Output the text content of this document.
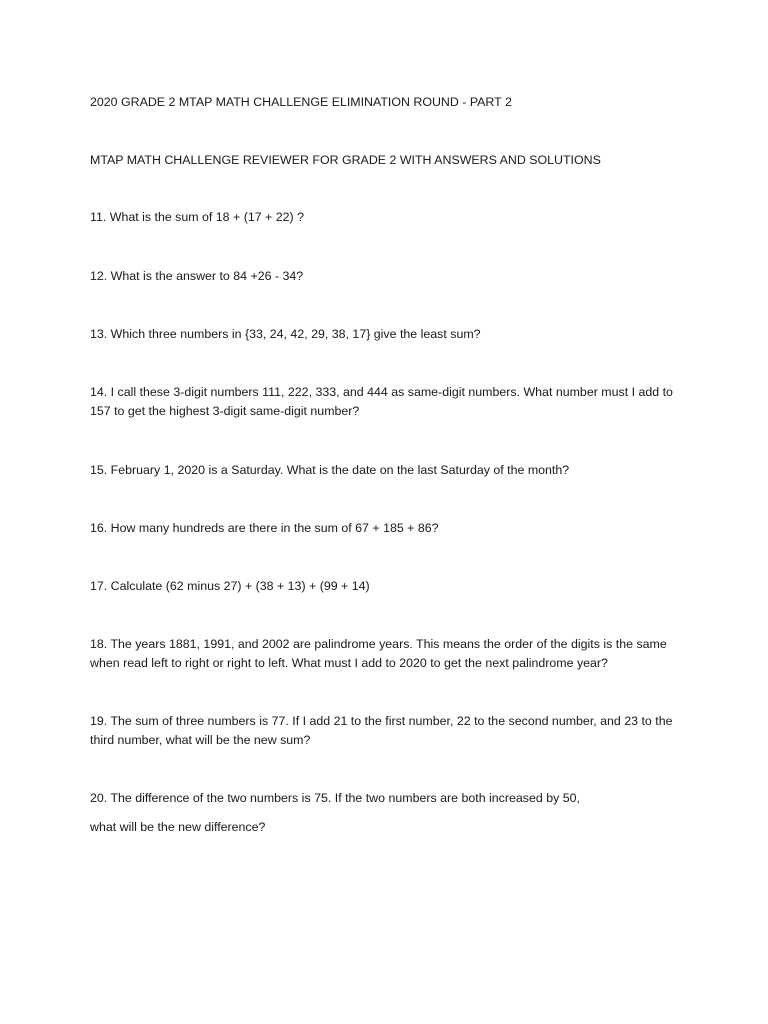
2020 GRADE 2 MTAP MATH CHALLENGE ELIMINATION ROUND - PART 2
MTAP MATH CHALLENGE REVIEWER FOR GRADE 2 WITH ANSWERS AND SOLUTIONS
11. What is the sum of 18 + (17 + 22) ?
12. What is the answer to 84 +26 - 34?
13. Which three numbers in {33, 24, 42, 29, 38, 17} give the least sum?
14. I call these 3-digit numbers 111, 222, 333, and 444 as same-digit numbers. What number must I add to 157 to get the highest 3-digit same-digit number?
15. February 1, 2020 is a Saturday. What is the date on the last Saturday of the month?
16. How many hundreds are there in the sum of 67 + 185 + 86?
17. Calculate (62 minus 27) + (38 + 13) + (99 + 14)
18. The years 1881, 1991, and 2002 are palindrome years. This means the order of the digits is the same when read left to right or right to left. What must I add to 2020 to get the next palindrome year?
19. The sum of three numbers is 77. If I add 21 to the first number, 22 to the second number, and 23 to the third number, what will be the new sum?
20. The difference of the two numbers is 75. If the two numbers are both increased by 50,
what will be the new difference?
